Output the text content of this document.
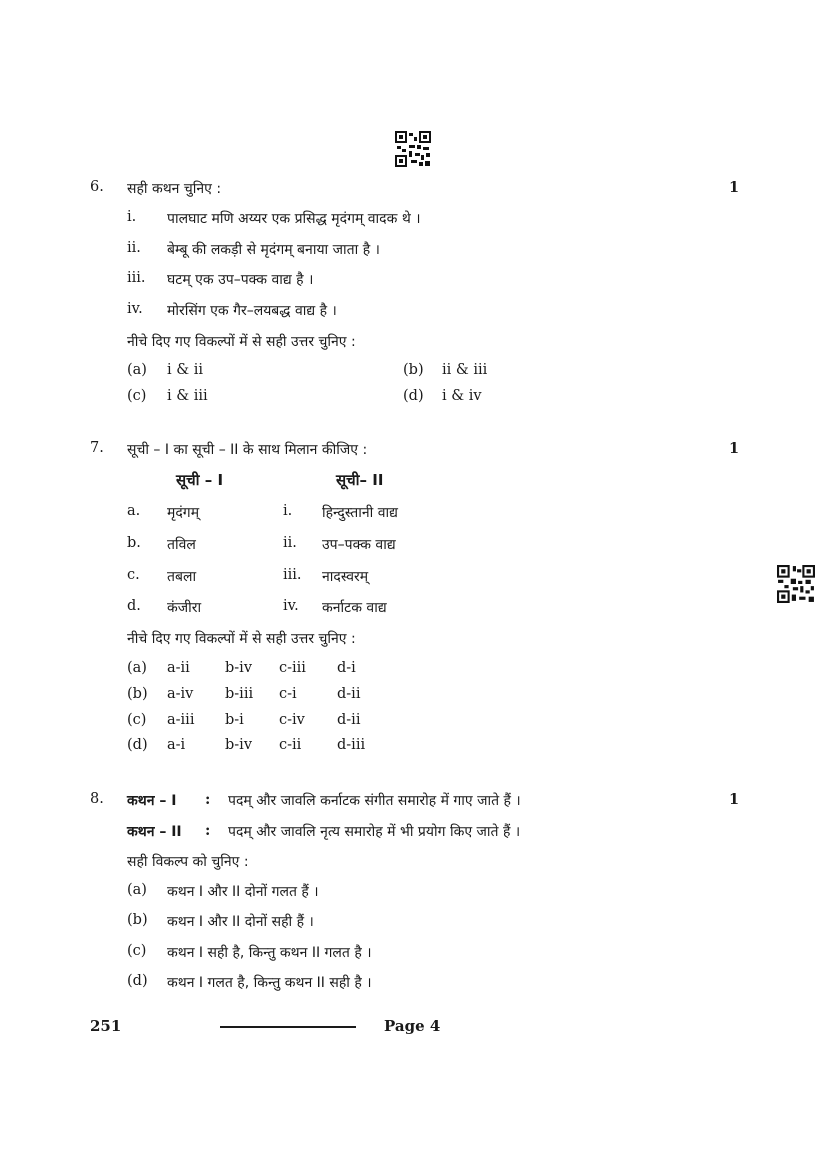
6. सही कथन चुनिए :	1
i. पालघाट मणि अय्यर एक प्रसिद्ध मृदंगम् वादक थे ।
ii. बेम्बू की लकड़ी से मृदंगम् बनाया जाता है ।
iii. घटम् एक उप–पक्क वाद्य है ।
iv. मोरसिंग एक गैर–लयबद्ध वाद्य है ।
नीचे दिए गए विकल्पों में से सही उत्तर चुनिए :
(a) i & ii	(b) ii & iii
(c) i & iii	(d) i & iv
7. सूची – I का सूची – II के साथ मिलान कीजिए :	1
सूची – I	सूची– II
a. मृदंगम्	i. हिन्दुस्तानी वाद्य
b. तविल	ii. उप–पक्क वाद्य
c. तबला	iii. नादस्वरम्
d. कंजीरा	iv. कर्नाटक वाद्य
नीचे दिए गए विकल्पों में से सही उत्तर चुनिए :
(a) a-ii b-iv c-iii d-i
(b) a-iv b-iii c-i	d-ii
(c) a-iii b-i c-iv d-ii
(d) a-i	b-iv c-ii d-iii
8. कथन – I : पदम् और जावलि कर्नाटक संगीत समारोह में गाए जाते हैं ।	1
कथन – II : पदम् और जावलि नृत्य समारोह में भी प्रयोग किए जाते हैं ।
सही विकल्प को चुनिए :
(a) कथन I और II दोनों गलत हैं ।
(b) कथन I और II दोनों सही हैं ।
(c) कथन I सही है, किन्तु कथन II गलत है ।
(d) कथन I गलत है, किन्तु कथन II सही है ।
251	Page 4
